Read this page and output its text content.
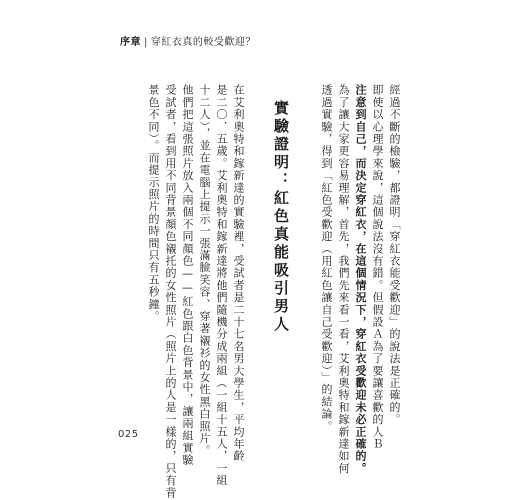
序章 | 穿紅衣真的較受歡迎？
經過不斷的檢驗，都證明「穿紅衣能受歡迎」的說法是正確的。
即使以心理學來說，這個說法沒有錯。但假設Ａ為了要讓喜歡的人Ｂ
注意到自己，而決定穿紅衣，在這個情況下，穿紅衣受歡迎未必正確的。
為了讓大家更容易理解，首先，我們先來看一看，艾利奧特和鎵新達如何
透過實驗，得到「紅色受歡迎（用紅色讓自己受歡迎）」的結論。
實驗證明：紅色真能吸引男人
在艾利奧特和鎵新達的實驗裡，受試者是二十七名男大學生，平均年齡
是二〇．五歲。艾利奧特和鎵新達將他們隨機分成兩組（一組十五人，一組
十二人），並在電腦上提示一張滿臉笑容、穿著襯衫的女性黑白照片。
他們把這張照片放入兩個不同顏色——紅色跟白色背景中，讓兩組實驗
受試者，看到用不同背景顏色襯托的女性照片（照片上的人是一樣的，只有背
景色不同）。而提示照片的時間只有五秒鐘。
025
